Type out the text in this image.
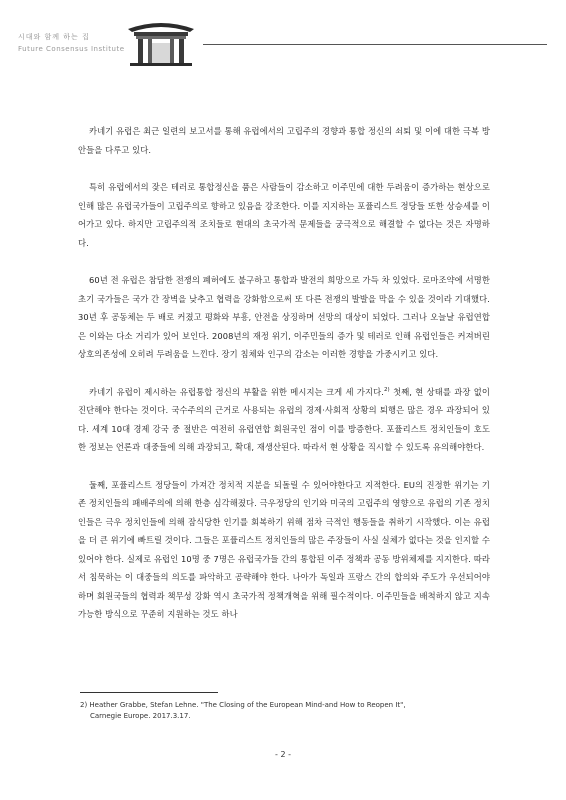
시대와 함께 하는 집
Future Consensus Institute

카네기 유럽은 최근 일련의 보고서를 통해 유럽에서의 고립주의 경향과 통합 정신의 쇠퇴 및 이에 대한 극복 방안들을 다루고 있다.

특히 유럽에서의 잦은 테러로 통합정신을 품은 사람들이 감소하고 이주민에 대한 두려움이 증가하는 현상으로 인해 많은 유럽국가들이 고립주의로 향하고 있음을 강조한다. 이를 지지하는 포퓰리스트 정당들 또한 상승세를 이어가고 있다. 하지만 고립주의적 조치들로 현대의 초국가적 문제들을 궁극적으로 해결할 수 없다는 것은 자명하다.

60년 전 유럽은 참담한 전쟁의 폐허에도 불구하고 통합과 발전의 희망으로 가득 차 있었다. 로마조약에 서명한 초기 국가들은 국가 간 장벽을 낮추고 협력을 강화함으로써 또 다른 전쟁의 발발을 막을 수 있을 것이라 기대했다. 30년 후 공동체는 두 배로 커졌고 평화와 부흥, 안전을 상징하며 선망의 대상이 되었다. 그러나 오늘날 유럽연합은 이와는 다소 거리가 있어 보인다. 2008년의 재정 위기, 이주민들의 증가 및 테러로 인해 유럽인들은 커져버린 상호의존성에 오히려 두려움을 느낀다. 장기 침체와 인구의 감소는 이러한 경향을 가중시키고 있다.

카네기 유럽이 제시하는 유럽통합 정신의 부활을 위한 메시지는 크게 세 가지다.$^{2)}$ 첫째, 현 상태를 과장 없이 진단해야 한다는 것이다. 국수주의의 근거로 사용되는 유럽의 경제·사회적 상황의 퇴행은 많은 경우 과장되어 있다. 세계 10대 경제 강국 중 절반은 여전히 유럽연합 회원국인 점이 이를 방증한다. 포퓰리스트 정치인들이 호도한 정보는 언론과 대중들에 의해 과장되고, 확대, 재생산된다. 따라서 현 상황을 직시할 수 있도록 유의해야한다.

둘째, 포퓰리스트 정당들이 가져간 정치적 지분을 되돌릴 수 있어야한다고 지적한다. EU의 진정한 위기는 기존 정치인들의 패배주의에 의해 한층 심각해졌다. 극우정당의 인기와 미국의 고립주의 영향으로 유럽의 기존 정치인들은 극우 정치인들에 의해 잠식당한 인기를 회복하기 위해 점차 극적인 행동들을 취하기 시작했다. 이는 유럽을 더 큰 위기에 빠트릴 것이다. 그들은 포퓰리스트 정치인들의 많은 주장들이 사실 실체가 없다는 것을 인지할 수 있어야 한다. 실제로 유럽인 10명 중 7명은 유럽국가들 간의 통합된 이주 정책과 공동 방위체제를 지지한다. 따라서 침묵하는 이 대중들의 의도를 파악하고 공략해야 한다. 나아가 독일과 프랑스 간의 합의와 주도가 우선되어야하며 회원국들의 협력과 책무성 강화 역시 초국가적 정책개혁을 위해 필수적이다. 이주민들을 배척하지 않고 지속가능한 방식으로 꾸준히 지원하는 것도 하나

2) Heather Grabbe, Stefan Lehne. "The Closing of the European Mind-and How to Reopen It",
Carnegie Europe. 2017.3.17.
- 2 -
